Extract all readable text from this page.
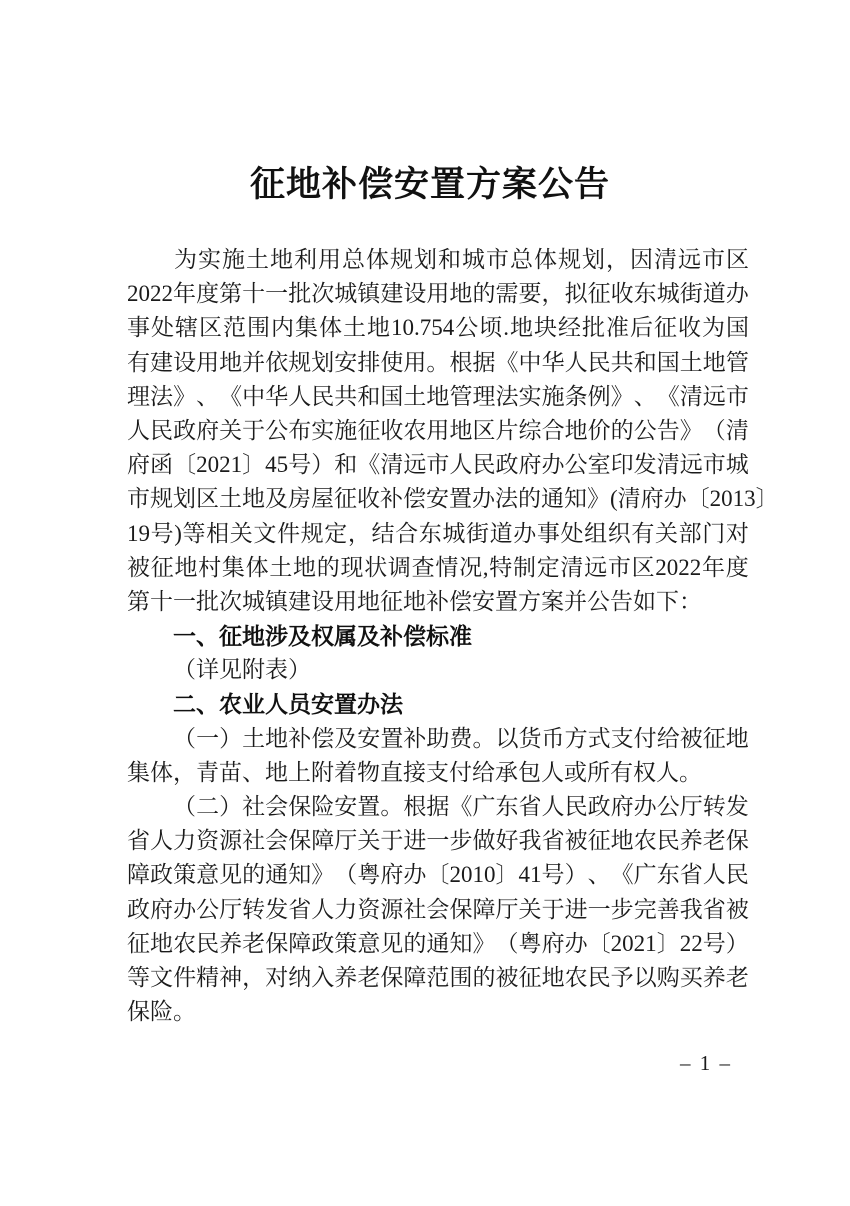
征地补偿安置方案公告

为 实 施 土 地 利 用 总 体 规 划 和 城 市 总 体 规 划 ， 因 清 远 市 区

2022 年 度 第 十 一 批 次 城 镇 建 设 用 地 的 需 要 ， 拟 征 收 东 城 街 道 办

事 处 辖 区 范 围 内 集 体 土 地 10.754 公 顷 . 地 块 经 批 准 后 征 收 为 国

有 建 设 用 地 并 依 规 划 安 排 使 用 。 根 据 《 中 华 人 民 共 和 国 土 地 管

理 法 》 、 《 中 华 人 民 共 和 国 土 地 管 理 法 实 施 条 例 》 、 《 清 远 市

人 民 政 府 关 于 公 布 实 施 征 收 农 用 地 区 片 综 合 地 价 的 公 告 》 （ 清

府 函 〔 2021 〕 45 号 ） 和 《 清 远 市 人 民 政 府 办 公 室 印 发 清 远 市 城

市 规 划 区 土 地 及 房 屋 征 收 补 偿 安 置 办 法 的 通 知 》 ( 清 府 办 〔 2013 〕

19 号 ) 等 相 关 文 件 规 定 ， 结 合 东 城 街 道 办 事 处 组 织 有 关 部 门 对

被 征 地 村 集 体 土 地 的 现 状 调 查 情 况 , 特 制 定 清 远 市 区 2022 年 度

第十一批次城镇建设用地征地补偿安置方案并公告如下：

一、征地涉及权属及补偿标准

（详见附表）

二、农业人员安置办法

（ 一 ） 土 地 补 偿 及 安 置 补 助 费 。 以 货 币 方 式 支 付 给 被 征 地

集体，青苗、地上附着物直接支付给承包人或所有权人。

（ 二 ） 社 会 保 险 安 置 。 根 据 《 广 东 省 人 民 政 府 办 公 厅 转 发

省 人 力 资 源 社 会 保 障 厅 关 于 进 一 步 做 好 我 省 被 征 地 农 民 养 老 保

障 政 策 意 见 的 通 知 》 （ 粤 府 办 〔 2010 〕 41 号 ） 、 《 广 东 省 人 民

政 府 办 公 厅 转 发 省 人 力 资 源 社 会 保 障 厅 关 于 进 一 步 完 善 我 省 被

征 地 农 民 养 老 保 障 政 策 意 见 的 通 知 》 （ 粤 府 办 〔 2021 〕 22 号 ）

等 文 件 精 神 ， 对 纳 入 养 老 保 障 范 围 的 被 征 地 农 民 予 以 购 买 养 老

保险。

– 1 –
